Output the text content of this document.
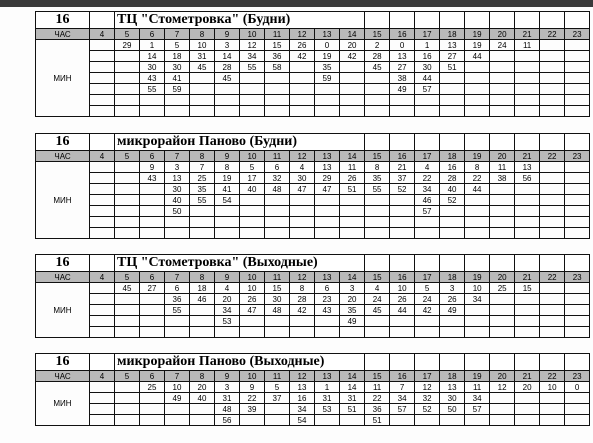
16		ТЦ "Стометровка" (Будни)																		
ЧАС	4	5	6	7	8	9	10	11	12	13	14	15	16	17	18	19	20	21	22	23
МИН		29	1	5	10	3	12	15	26	0	20	2	0	1	13	19	24	11		
			14	18	31	14	34	36	42	19	42	28	13	16	27	44				
			30	30	45	28	55	58		35		45	27	30	51					
			43	41		45				59			38	44						
			55	59									49	57						

16		микрорайон Паново (Будни)																		
ЧАС	4	5	6	7	8	9	10	11	12	13	14	15	16	17	18	19	20	21	22	23
МИН			9	3	7	8	5	6	4	13	11	8	21	4	16	8	11	13		
			43	13	25	19	17	32	30	29	26	35	37	22	28	22	38	56		
				30	35	41	40	48	47	47	51	55	52	34	40	44				
				40	55	54								46	52					
				50										57						

16		ТЦ "Стометровка" (Выходные)																		
ЧАС	4	5	6	7	8	9	10	11	12	13	14	15	16	17	18	19	20	21	22	23
МИН		45	27	6	18	4	10	15	8	6	3	4	10	5	3	10	25	15		
				36	46	20	26	30	28	23	20	24	26	24	26	34				
				55		34	47	48	42	43	35	45	44	42	49					
						53					49									

16		микрорайон Паново (Выходные)																		
ЧАС	4	5	6	7	8	9	10	11	12	13	14	15	16	17	18	19	20	21	22	23
МИН			25	10	20	3	9	5	13	1	14	11	7	12	13	11	12	20	10	0
				49	40	31	22	37	16	31	31	22	34	32	30	34				
						48	39		34	53	51	36	57	52	50	57				
						56			54			51								
